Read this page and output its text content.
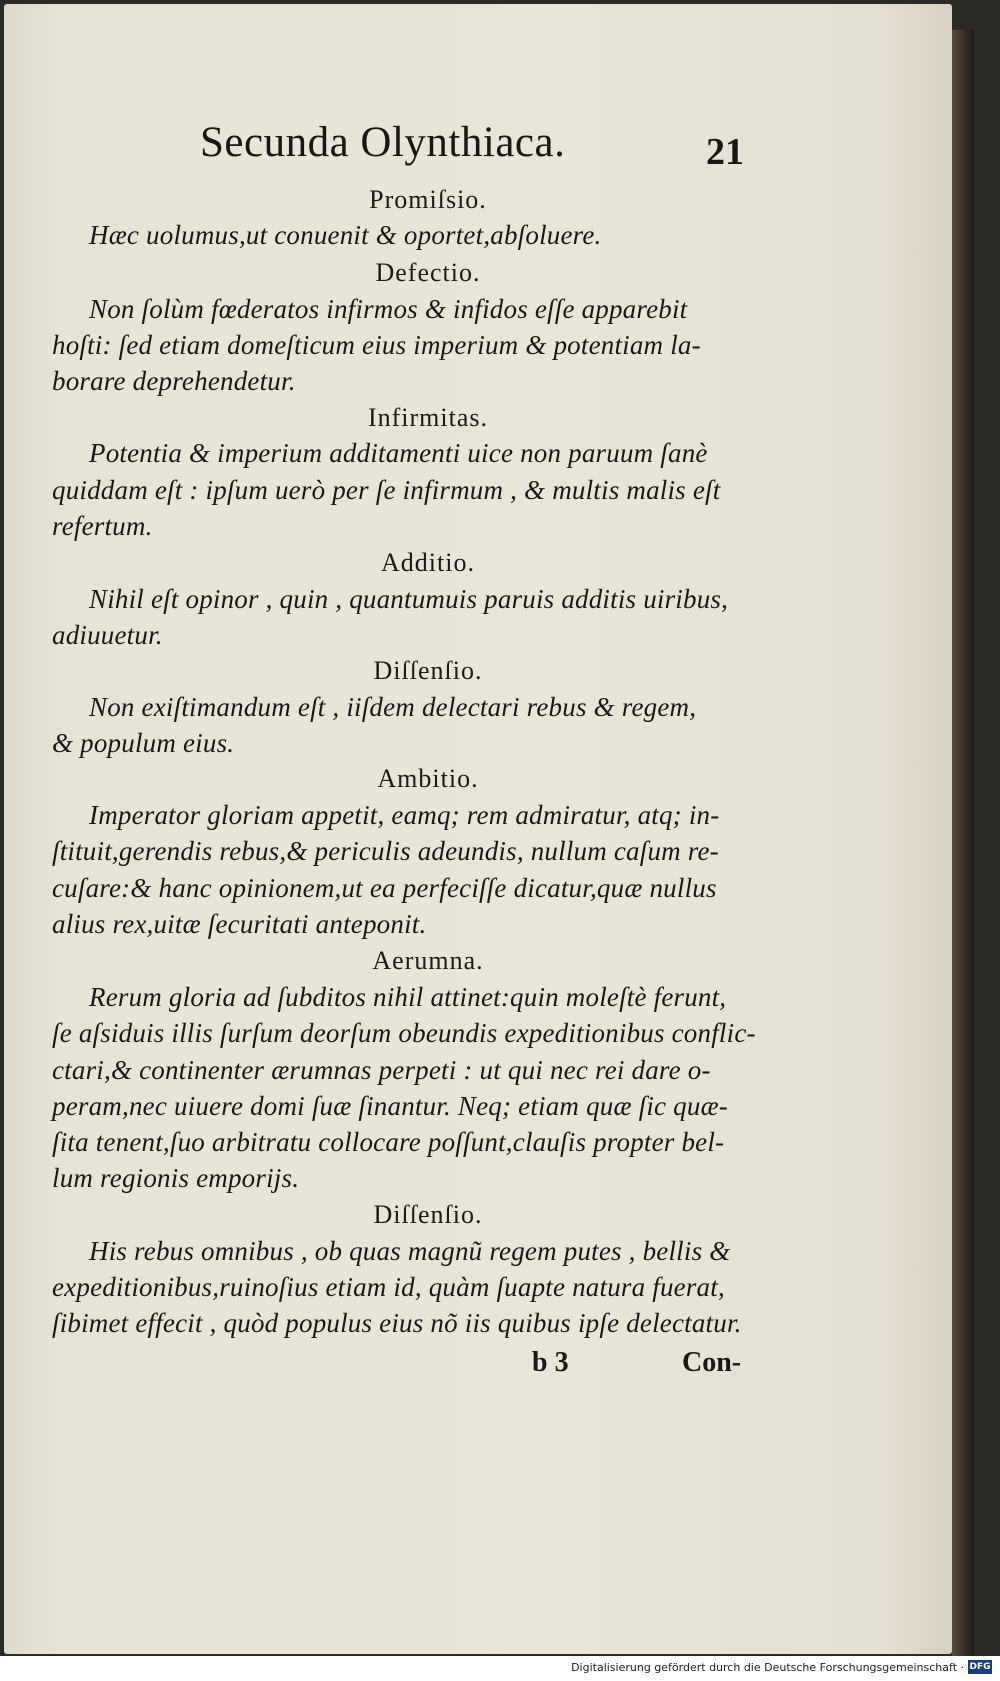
Secunda Olynthiaca.	21
Promiſsio.
Hæc uolumus,ut conuenit & oportet,abſoluere.
Defectio.
Non ſolùm fœderatos infirmos & infidos eſſe apparebit
hoſti: ſed etiam domeſticum eius imperium & potentiam la-
borare deprehendetur.
Infirmitas.
Potentia & imperium additamenti uice non paruum ſanè
quiddam eſt : ipſum uerò per ſe infirmum , & multis malis eſt
refertum.
Additio.
Nihil eſt opinor , quin , quantumuis paruis additis uiribus,
adiuuetur.
Diſſenſio.
Non exiſtimandum eſt , iiſdem delectari rebus & regem,
& populum eius.
Ambitio.
Imperator gloriam appetit, eamq; rem admiratur, atq; in-
ſtituit,gerendis rebus,& periculis adeundis, nullum caſum re-
cuſare:& hanc opinionem,ut ea perfeciſſe dicatur,quæ nullus
alius rex,uitæ ſecuritati anteponit.
Aerumna.
Rerum gloria ad ſubditos nihil attinet:quin moleſtè ferunt,
ſe aſsiduis illis ſurſum deorſum obeundis expeditionibus conflic-
ctari,& continenter ærumnas perpeti : ut qui nec rei dare o-
peram,nec uiuere domi ſuæ ſinantur. Neq; etiam quæ ſic quæ-
ſita tenent,ſuo arbitratu collocare poſſunt,clauſis propter bel-
lum regionis emporijs.
Diſſenſio.
His rebus omnibus , ob quas magnũ regem putes , bellis &
expeditionibus,ruinoſius etiam id, quàm ſuapte natura fuerat,
ſibimet effecit , quòd populus eius nõ iis quibus ipſe delectatur.
b 3	Con-
Digitalisierung gefördert durch die Deutsche Forschungsgemeinschaft · DFG
